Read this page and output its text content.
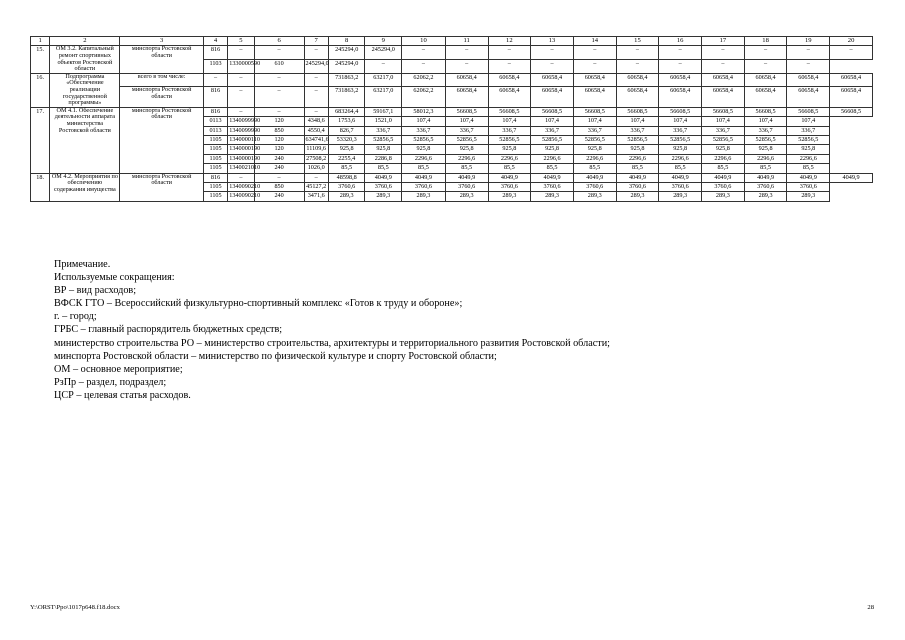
1	2	3	4	5	6	7	8	9	10	11	12	13	14	15	16	17	18	19	20
15.	ОМ 3.2. Капитальный ремонт спортивных объектов Ростовской области	минспорта Ростовской области	816	–	–	–	245294,0	245294,0	–	–	–	–	–	–	–	–	–	–	–
			1103	1330000590	610	245294,0	245294,0	–	–	–	–	–	–	–	–	–	–	–	
16.	Подпрограмма «Обеспечение реализации государственной программы»	всего в том числе:	–	–	–	–	731863,2	63217,0	62062,2	60658,4	60658,4	60658,4	60658,4	60658,4	60658,4	60658,4	60658,4	60658,4	60658,4
		минспорта Ростовской области	816	–	–	–	731863,2	63217,0	62062,2	60658,4	60658,4	60658,4	60658,4	60658,4	60658,4	60658,4	60658,4	60658,4	60658,4
17.	ОМ 4.1. Обеспечение деятельности аппарата министерства Ростовской области	минспорта Ростовской области	816	–	–	–	683264,4	59167,1	58012,3	56608,5	56608,5	56608,5	56608,5	56608,5	56608,5	56608,5	56608,5	56608,5	56608,5
			0113	1340099990	120	4348,6	1753,6	1521,0	107,4	107,4	107,4	107,4	107,4	107,4	107,4	107,4	107,4	107,4	
			0113	1340099990	850	4550,4	826,7	336,7	336,7	336,7	336,7	336,7	336,7	336,7	336,7	336,7	336,7	336,7	
			1105	1340000110	120	634741,6	53320,3	52856,5	52856,5	52856,5	52856,5	52856,5	52856,5	52856,5	52856,5	52856,5	52856,5	52856,5	
			1105	1340000190	120	11109,6	925,8	925,8	925,8	925,8	925,8	925,8	925,8	925,8	925,8	925,8	925,8	925,8	
			1105	1340000190	240	27508,2	2255,4	2286,8	2296,6	2296,6	2296,6	2296,6	2296,6	2296,6	2296,6	2296,6	2296,6	2296,6	
			1105	1340021010	240	1026,0	85,5	85,5	85,5	85,5	85,5	85,5	85,5	85,5	85,5	85,5	85,5	85,5	
18.	ОМ 4.2. Мероприятия по обеспечению содержания имущества	минспорта Ростовской области	816	–	–	–	48598,8	4049,9	4049,9	4049,9	4049,9	4049,9	4049,9	4049,9	4049,9	4049,9	4049,9	4049,9	4049,9
			1105	1340090210	850	45127,2	3760,6	3760,6	3760,6	3760,6	3760,6	3760,6	3760,6	3760,6	3760,6	3760,6	3760,6	3760,6	
			1105	1340090210	240	3471,6	289,3	289,3	289,3	289,3	289,3	289,3	289,3	289,3	289,3	289,3	289,3	289,3	
Примечание.
Используемые сокращения:
ВР – вид расходов;
ВФСК ГТО – Всероссийский физкультурно-спортивный комплекс «Готов к труду и обороне»;
г. – город;
ГРБС – главный распорядитель бюджетных средств;
министерство строительства РО – министерство строительства, архитектуры и территориального развития Ростовской области;
минспорта Ростовской области – министерство по физической культуре и спорту Ростовской области;
ОМ – основное мероприятие;
РзПр – раздел, подраздел;
ЦСР – целевая статья расходов.
Y:\ORST\Ppo\1017p648.f18.docx	28
